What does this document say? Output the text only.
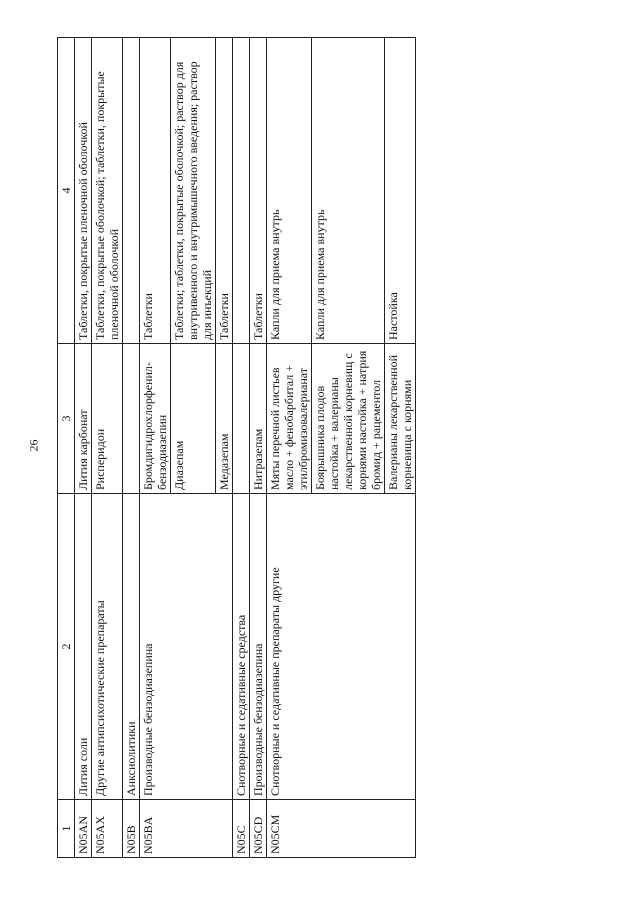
26
1	2	3	4
N05AN	Лития соли	Лития карбонат	Таблетки, покрытые пленочной оболочкой
N05AX	Другие антипсихотические препараты	Рисперидон	Таблетки, покрытые оболочкой; таблетки, покрытые пленочной оболочкой
N05B	Анксиолитики		
N05BA	Производные бензодиазепина	Бромдигидрохлорфенил-бензодиазепин	Таблетки
		Диазепам	Таблетки; таблетки, покрытые оболочкой; раствор для внутривенного и внутримышечного введения; раствор для инъекций
		Медазепам	Таблетки
N05C	Снотворные и седативные средства		
N05CD	Производные бензодиазепина	Нитразепам	Таблетки
N05CM	Снотворные и седативные препараты другие	Мяты перечной листьев масло + фенобарбитал + этилбромизовалерианат	Капли для приема внутрь
		Боярышника плодов настойка + валерианы лекарственной корневищ с корнями настойка + натрия бромид + рацементол	Капли для приема внутрь
		Валерианы лекарственной корневища с корнями	Настойка
